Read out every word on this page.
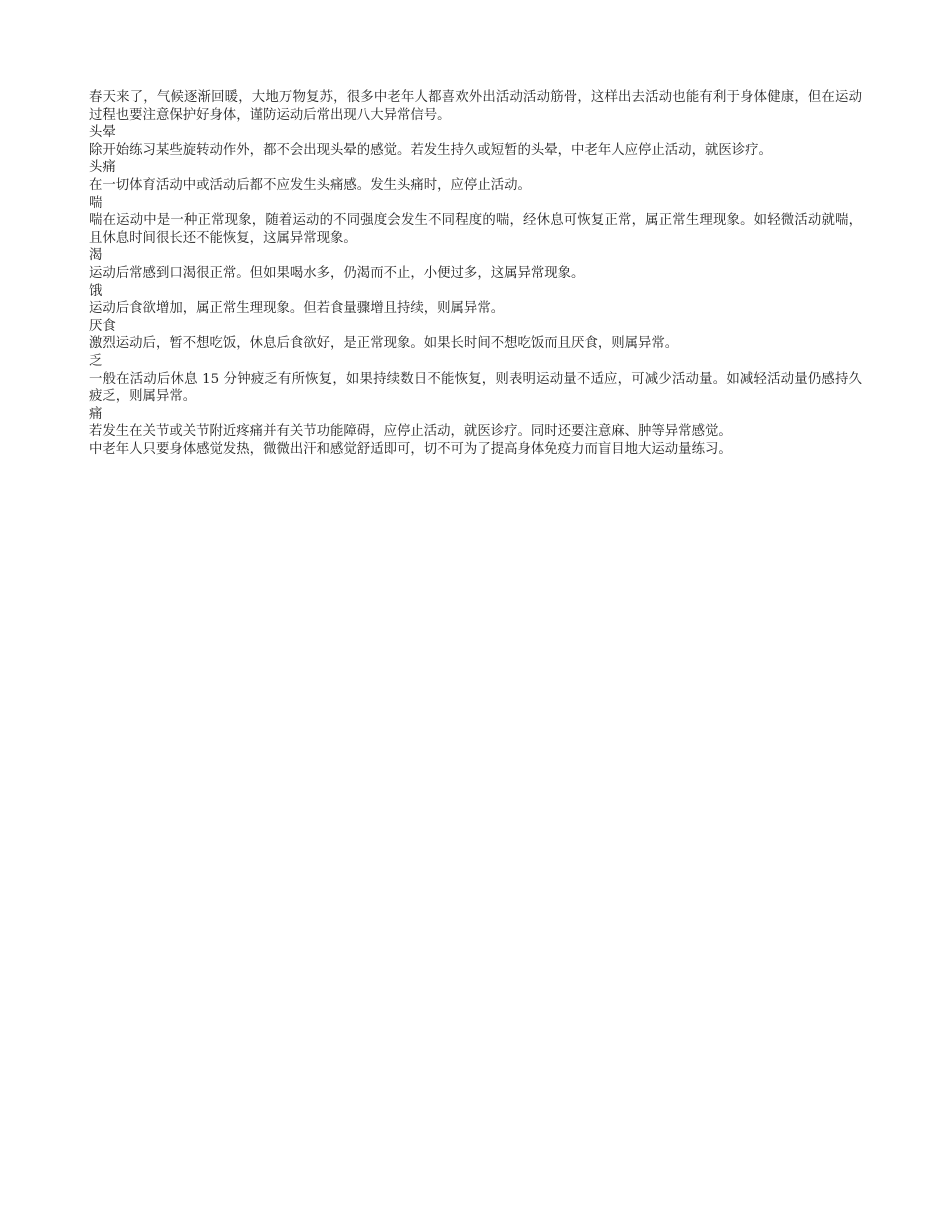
春天来了，气候逐渐回暖，大地万物复苏，很多中老年人都喜欢外出活动活动筋骨，这样出去活动也能有利于身体健康，但在运动过程也要注意保护好身体，谨防运动后常出现八大异常信号。

头晕

除开始练习某些旋转动作外，都不会出现头晕的感觉。若发生持久或短暂的头晕，中老年人应停止活动，就医诊疗。

头痛

在一切体育活动中或活动后都不应发生头痛感。发生头痛时，应停止活动。

喘

喘在运动中是一种正常现象，随着运动的不同强度会发生不同程度的喘，经休息可恢复正常，属正常生理现象。如轻微活动就喘，且休息时间很长还不能恢复，这属异常现象。

渴

运动后常感到口渴很正常。但如果喝水多，仍渴而不止，小便过多，这属异常现象。

饿

运动后食欲增加，属正常生理现象。但若食量骤增且持续，则属异常。

厌食

激烈运动后，暂不想吃饭，休息后食欲好，是正常现象。如果长时间不想吃饭而且厌食，则属异常。

乏

一般在活动后休息 15 分钟疲乏有所恢复，如果持续数日不能恢复，则表明运动量不适应，可减少活动量。如减轻活动量仍感持久疲乏，则属异常。

痛

若发生在关节或关节附近疼痛并有关节功能障碍，应停止活动，就医诊疗。同时还要注意麻、肿等异常感觉。

中老年人只要身体感觉发热，微微出汗和感觉舒适即可，切不可为了提高身体免疫力而盲目地大运动量练习。
